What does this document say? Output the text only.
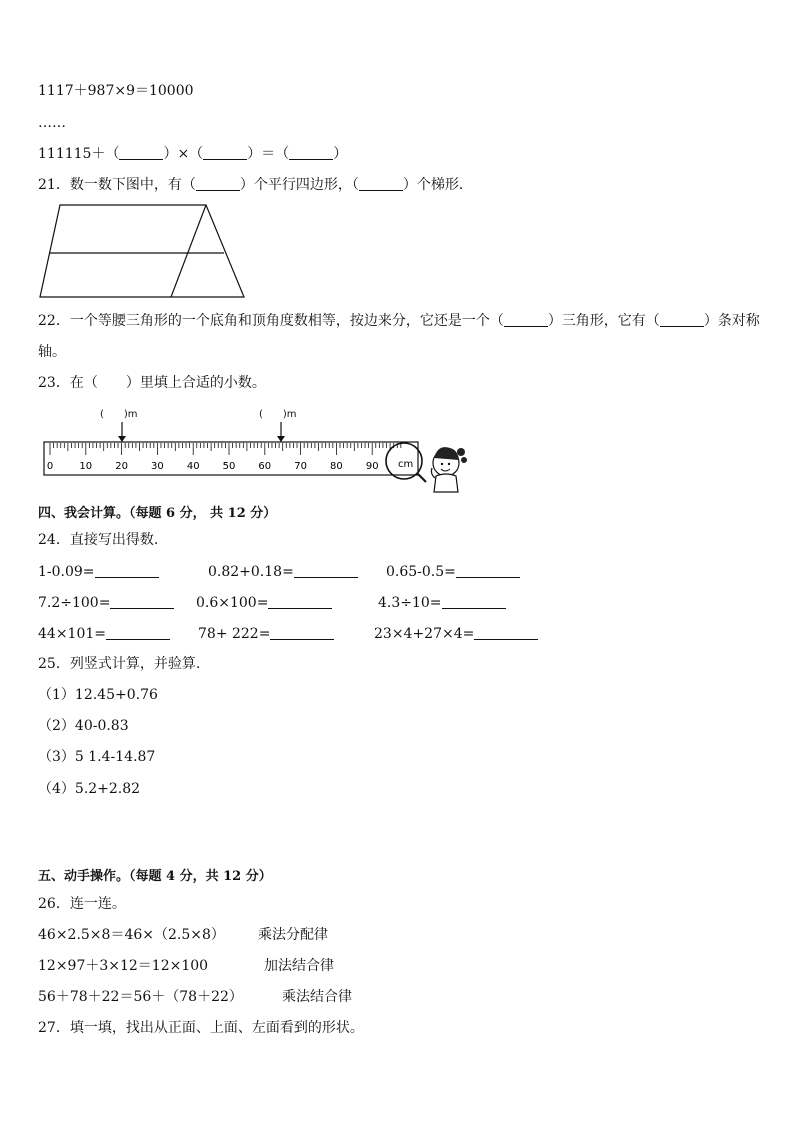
1117＋987×9＝10000
……
111115＋（	）×（	）＝（	）
21．数一数下图中，有（	）个平行四边形，（	）个梯形．
22．一个等腰三角形的一个底角和顶角度数相等，按边来分，它还是一个（	）三角形，它有（	）条对称
轴。
23．在（　　）里填上合适的小数。
(　　)m	(　　)m
0	10 20 30 40 50 60 70 80 90 cm
四、我会计算。（每题 6 分， 共 12 分）
24．直接写出得数.
1-0.09=	0.82+0.18=	0.65-0.5=
7.2÷100=	0.6×100=	4.3÷10=
44×101=	78+ 222=	23×4+27×4=
25．列竖式计算，并验算.
（1）12.45+0.76
（2）40-0.83
（3）5 1.4-14.87
（4）5.2+2.82
五、动手操作。（每题 4 分，共 12 分）
26．连一连。
46×2.5×8＝46×（2.5×8） 乘法分配律
12×97＋3×12＝12×100	加法结合律
56＋78＋22＝56＋（78＋22）	乘法结合律
27．填一填，找出从正面、上面、左面看到的形状。
